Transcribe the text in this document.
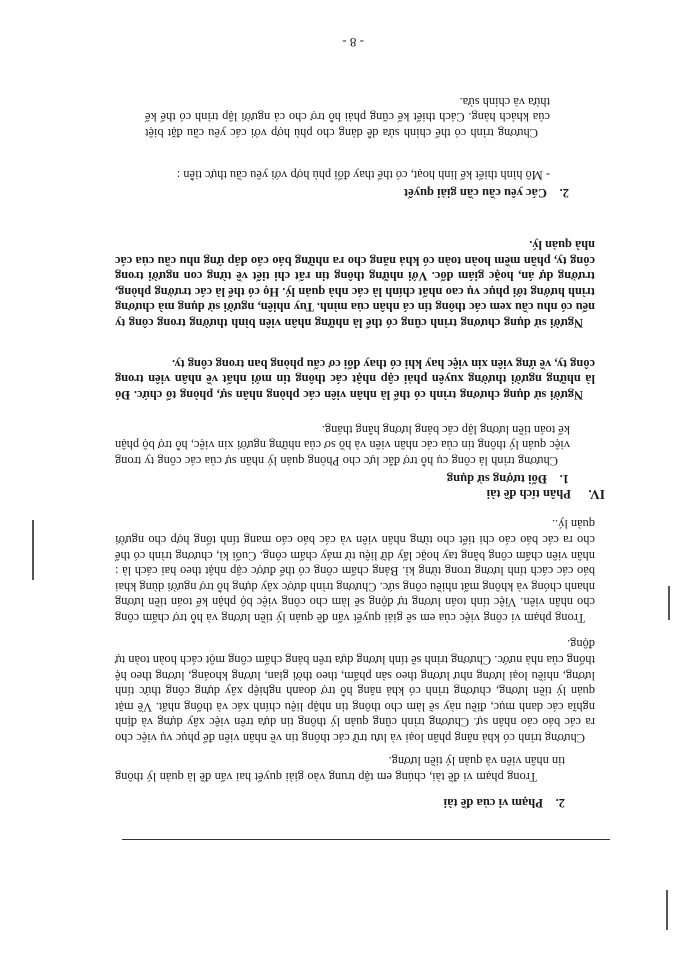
2.Phạm vi của đề tài

Trong phạm vi đề tài, chúng em tập trung vào giải quyết hai vấn đề là quản lý thông tin nhân viên và quản lý tiền lương.

Chương trình có khả năng phân loại và lưu trữ các thông tin về nhân viên để phục vụ việc cho ra các báo cáo nhân sự. Chương trình cũng quản lý thông tin dựa trên việc xây dựng và định nghĩa các danh mục, điều này sẽ làm cho thông tin nhập liệu chính xác và thống nhất. Về mặt quản lý tiền lương, chương trình có khả năng hỗ trợ doanh nghiệp xây dựng công thức tính lương, nhiều loại lương như lương theo sản phẩm, theo thời gian, lương khoáng, lương theo hệ thống của nhà nước. Chương trình sẽ tính lương dựa trên bảng chấm công một cách hoàn toàn tự động.

Trong phạm vi công việc của em sẽ giải quyết vấn đề quản lý tiền lương và hỗ trợ chấm công cho nhân viên. Việc tính toán lương tự động sẽ làm cho công việc bộ phận kế toán tiền lương nhanh chóng và không mất nhiều công sức. Chương trình được xây dựng hỗ trợ người dùng khai báo các cách tính lương trong từng kì. Bảng chấm công có thể được cập nhật theo hai cách là : nhân viên chấm công bằng tay hoặc lấy dữ liệu từ máy chấm công. Cuối kì, chương trình có thể cho ra các báo cáo chi tiết cho từng nhân viên và các báo cáo mang tính tổng hợp cho người quản lý..

IV.Phân tích đề tài
1.Đối tượng sử dụng

Chương trình là công cụ hỗ trợ đắc lực cho Phòng quản lý nhân sự của các công ty trong việc quản lý thông tin của các nhân viên và hồ sơ của những người xin việc, hỗ trợ bộ phận kế toán tiền lương lập các bảng lương hằng tháng.

Người sử dụng chương trình có thể là nhân viên các phòng nhân sự, phòng tổ chức. Đó là những người thường xuyên phải cập nhật các thông tin mới nhất về nhân viên trong công ty, về ứng viên xin việc hay khi có thay đổi cơ cấu phòng ban trong công ty.

Người sử dụng chương trình cũng có thể là những nhân viên bình thường trong công ty nếu có nhu cầu xem các thông tin cá nhân của mình. Tuy nhiên, người sử dụng mà chương trình hướng tới phục vụ cao nhất chính là các nhà quản lý. Họ có thể là các trưởng phòng, trưởng dự án, hoặc giám đốc. Với những thông tin rất chi tiết về từng con người trong công ty, phần mềm hoàn toàn có khả năng cho ra những báo cáo đáp ứng nhu cầu của các nhà quản lý.

2.Các yêu cầu cần giải quyết

- Mô hình thiết kế linh hoạt, có thể thay đổi phù hợp với yêu cầu thực tiễn :

Chương trình có thể chỉnh sửa dễ dàng cho phù hợp với các yêu cầu đặt biệt của khách hàng. Cách thiết kế cũng phải hỗ trợ cho cả người lập trình có thể kế thừa và chỉnh sửa.

- 8 -
